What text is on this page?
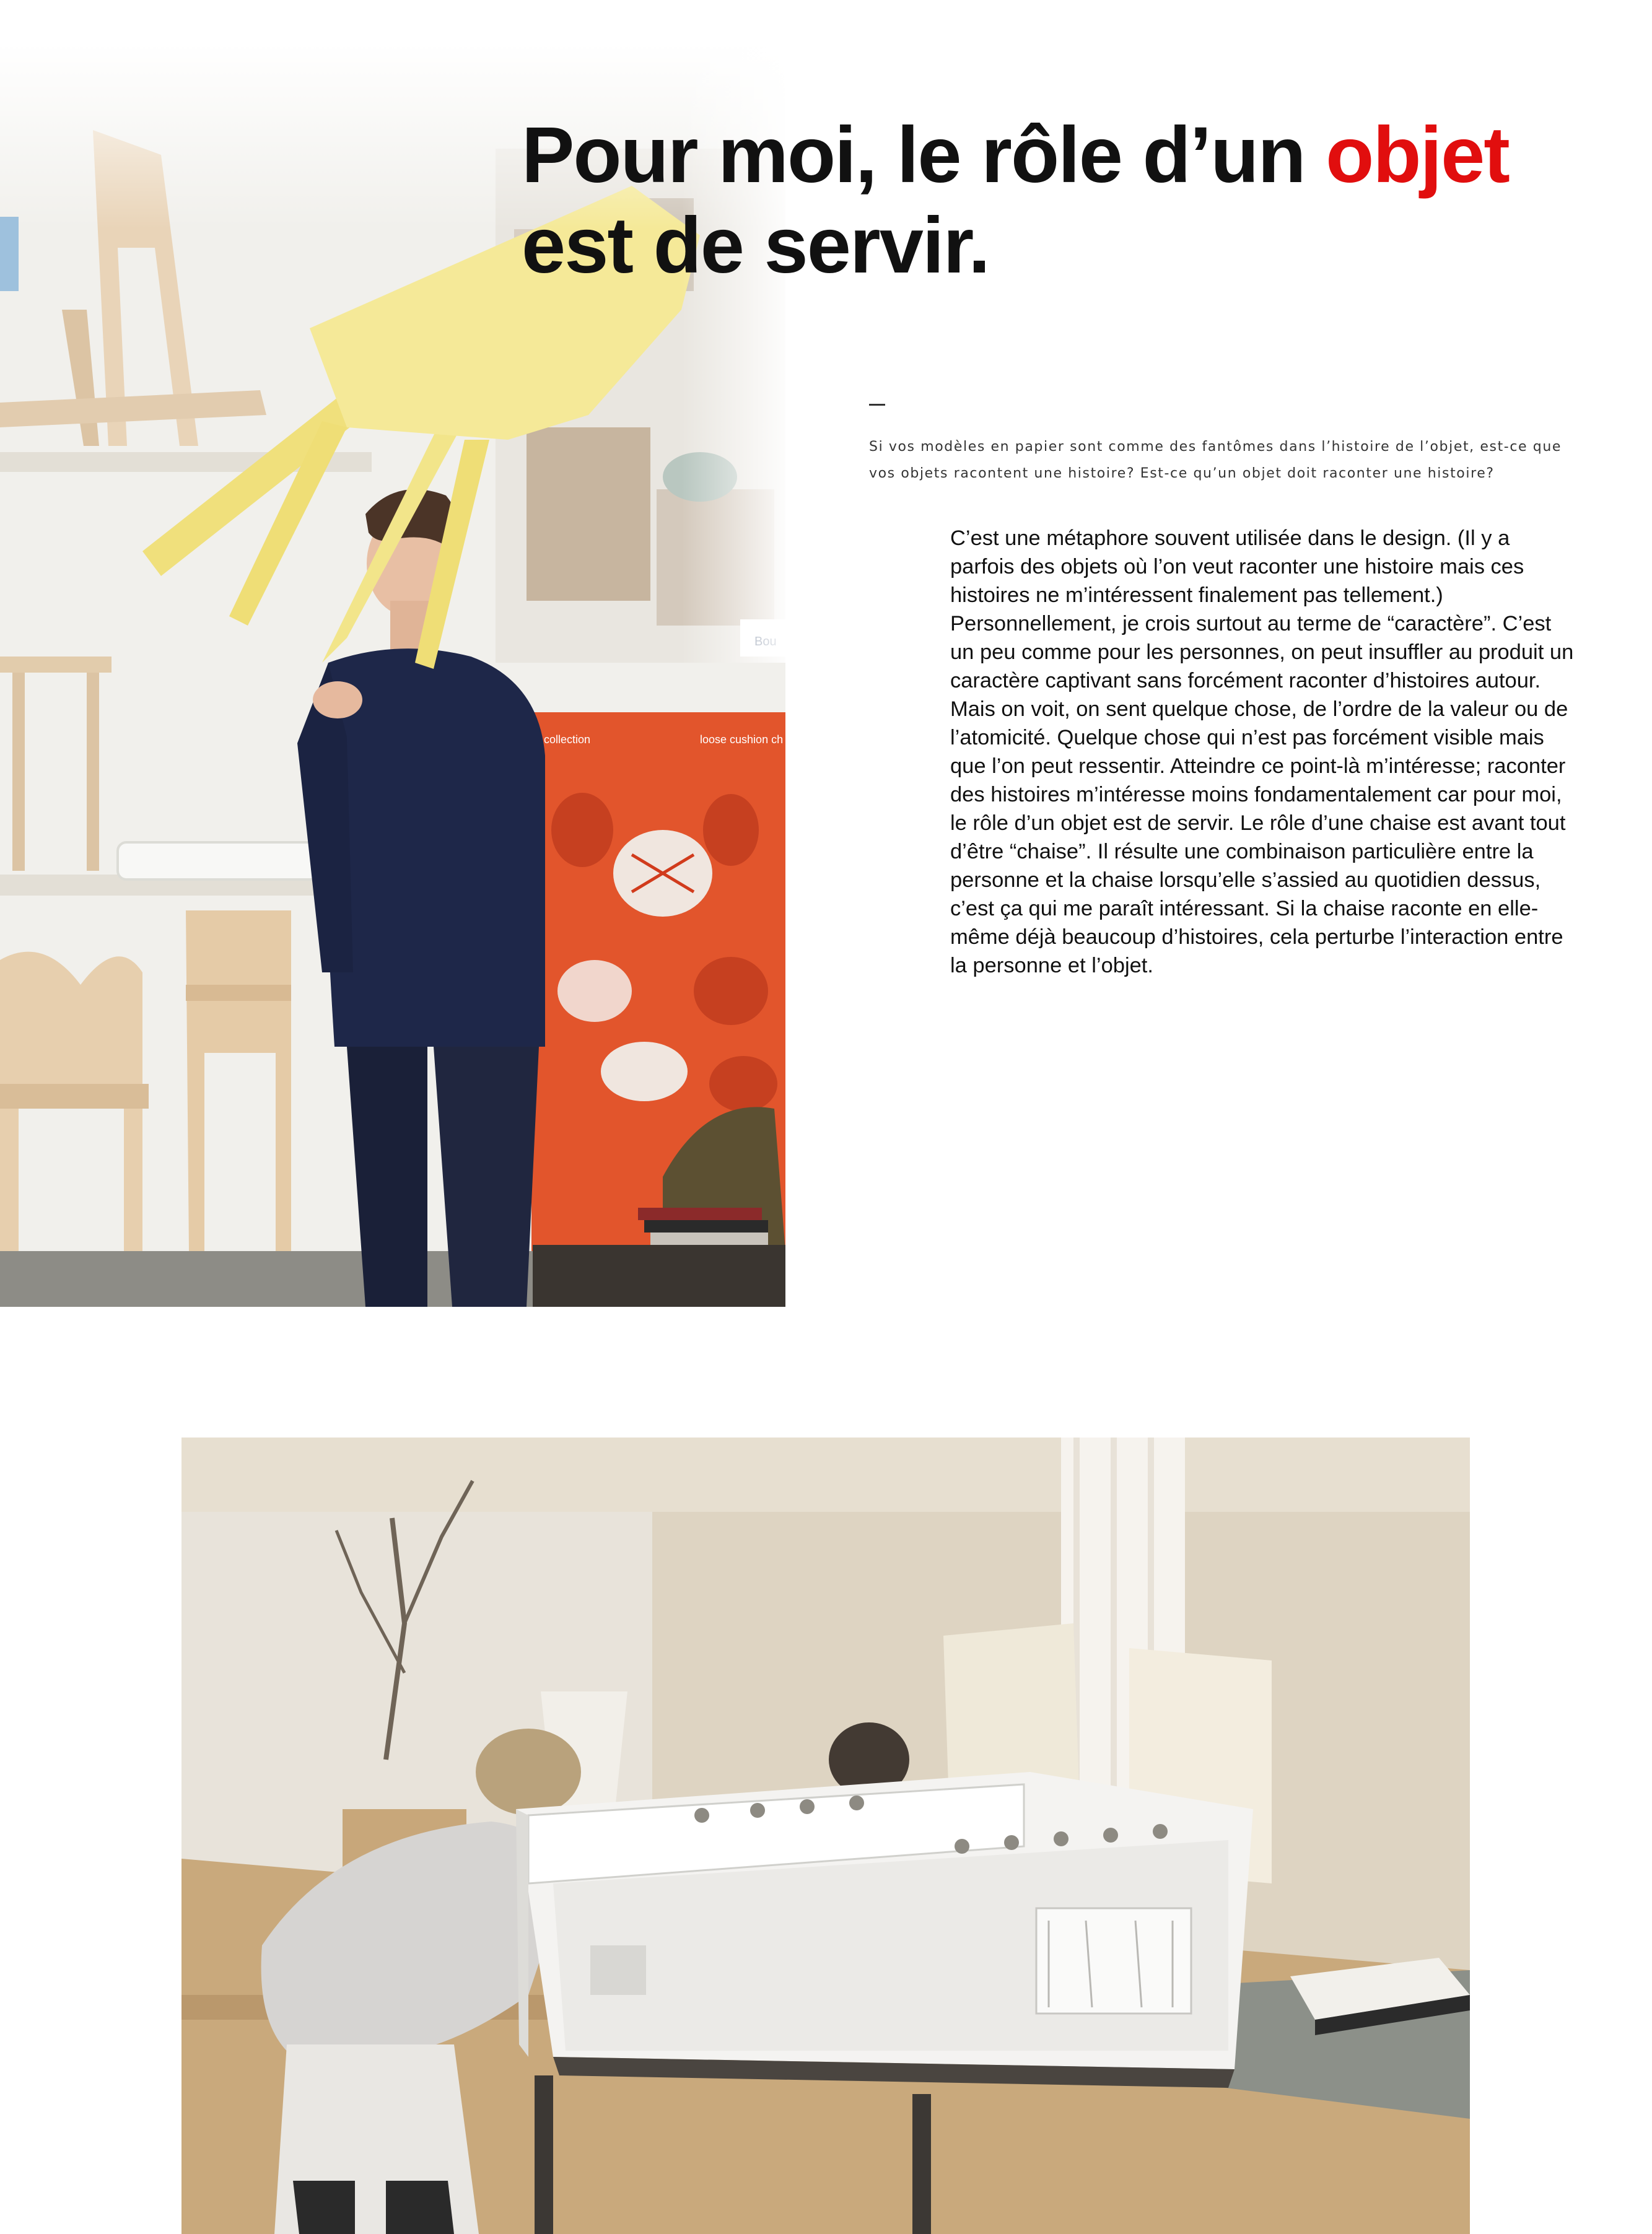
collection	loose cushion ch
Pour moi, le rôle d’un objet
est de servir.

Si vos modèles en papier sont comme des fantômes dans l’histoire de l’objet, est-ce que vos objets racontent une histoire? Est-ce qu’un objet doit raconter une histoire?

C’est une métaphore souvent utilisée dans le design. (Il y a parfois des objets où l’on veut raconter une histoire mais ces histoires ne m’intéressent finalement pas tellement.) Personnellement, je crois surtout au terme de “caractère”. C’est un peu comme pour les personnes, on peut insuffler au produit un caractère captivant sans forcément raconter d’histoires autour. Mais on voit, on sent quelque chose, de l’ordre de la valeur ou de l’atomicité. Quelque chose qui n’est pas forcément visible mais que l’on peut ressentir. Atteindre ce point-là m’intéresse; raconter des histoires m’intéresse moins fondamentalement car pour moi, le rôle d’un objet est de servir. Le rôle d’une chaise est avant tout d’être “chaise”. Il résulte une combinaison particulière entre la personne et la chaise lorsqu’elle s’assied au quotidien dessus, c’est ça qui me paraît intéressant. Si la chaise raconte en elle-même déjà beaucoup d’histoires, cela perturbe l’interaction entre la personne et l’objet.
